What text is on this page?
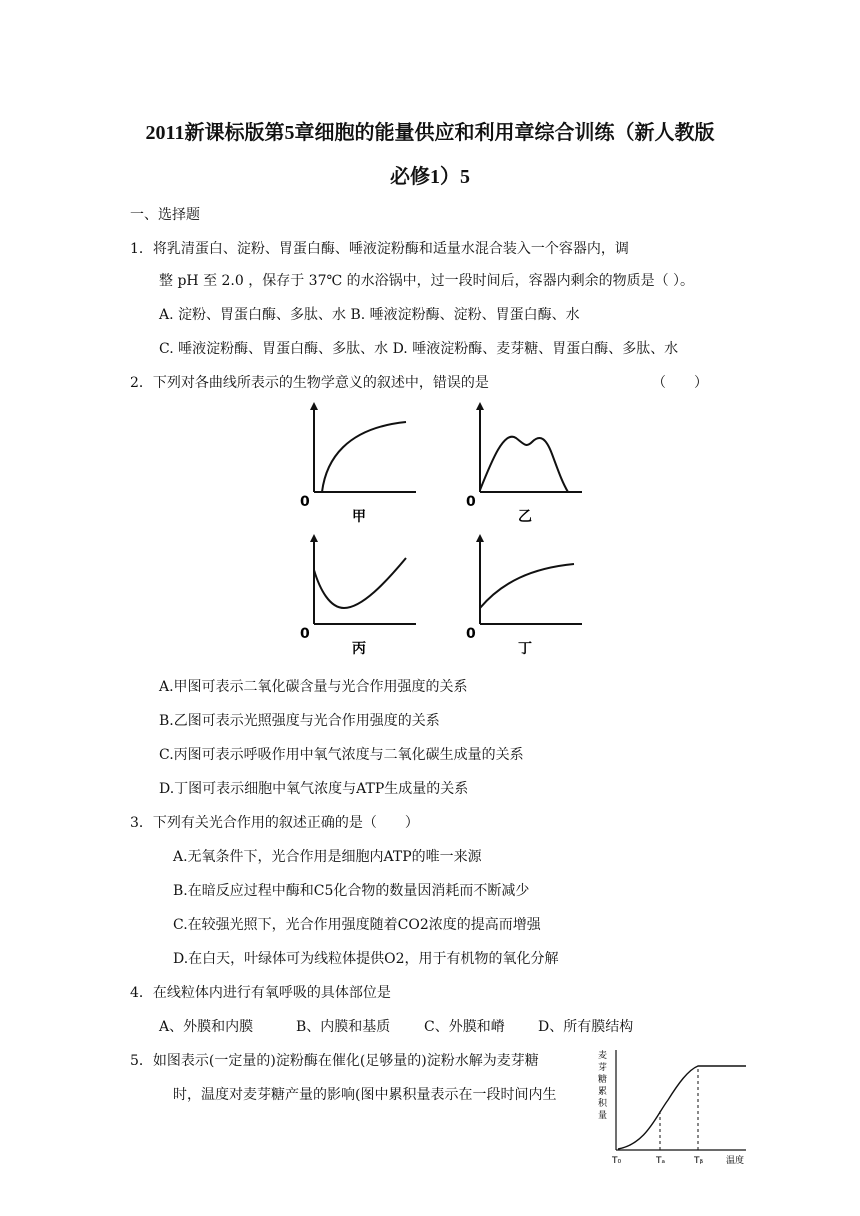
2011新课标版第5章细胞的能量供应和利用章综合训练（新人教版
必修1）5
一、选择题
1．将乳清蛋白、淀粉、胃蛋白酶、唾液淀粉酶和适量水混合装入一个容器内，调
整 pH 至 2.0 ，保存于 37℃ 的水浴锅中，过一段时间后，容器内剩余的物质是（ ）。
A. 淀粉、胃蛋白酶、多肽、水 B. 唾液淀粉酶、淀粉、胃蛋白酶、水
C. 唾液淀粉酶、胃蛋白酶、多肽、水 D. 唾液淀粉酶、麦芽糖、胃蛋白酶、多肽、水
2．下列对各曲线所表示的生物学意义的叙述中，错误的是	（　　）
0
甲
0
乙
0
丙
0
丁
A.甲图可表示二氧化碳含量与光合作用强度的关系
B.乙图可表示光照强度与光合作用强度的关系
C.丙图可表示呼吸作用中氧气浓度与二氧化碳生成量的关系
D.丁图可表示细胞中氧气浓度与ATP生成量的关系
3．下列有关光合作用的叙述正确的是（　　）
A.无氧条件下，光合作用是细胞内ATP的唯一来源
B.在暗反应过程中酶和C5化合物的数量因消耗而不断减少
C.在较强光照下，光合作用强度随着CO2浓度的提高而增强
D.在白天，叶绿体可为线粒体提供O2，用于有机物的氧化分解
4．在线粒体内进行有氧呼吸的具体部位是
A、外膜和内膜	B、内膜和基质 C、外膜和嵴 D、所有膜结构
5．如图表示(一定量的)淀粉酶在催化(足够量的)淀粉水解为麦芽糖
时，温度对麦芽糖产量的影响(图中累积量表示在一段时间内生
麦 芽 糖 累 积 量
T₀	Tₐ	Tᵦ	温度
